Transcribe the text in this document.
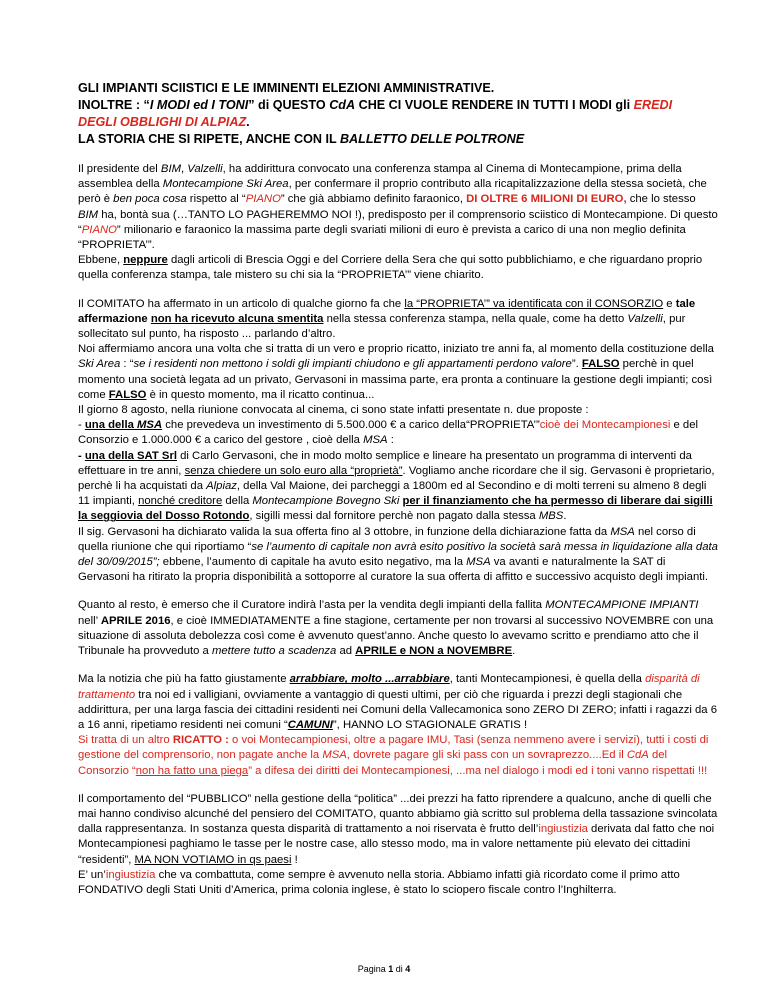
GLI IMPIANTI SCIISTICI E LE IMMINENTI ELEZIONI AMMINISTRATIVE.

INOLTRE : “I MODI ed I TONI” di QUESTO CdA CHE CI VUOLE RENDERE IN TUTTI I MODI gli EREDI

DEGLI OBBLIGHI DI ALPIAZ.

LA STORIA CHE SI RIPETE, ANCHE CON IL BALLETTO DELLE POLTRONE

Il presidente del BIM, Valzelli, ha addirittura convocato una conferenza stampa al Cinema di Montecampione, prima della assemblea della Montecampione Ski Area, per confermare il proprio contributo alla ricapitalizzazione della stessa società, che però è ben poca cosa rispetto al “PIANO” che già abbiamo definito faraonico, DI OLTRE 6 MILIONI DI EURO, che lo stesso BIM ha, bontà sua (…TANTO LO PAGHEREMMO NOI !), predisposto per il comprensorio sciistico di Montecampione. Di questo “PIANO” milionario e faraonico la massima parte degli svariati milioni di euro è prevista a carico di una non meglio definita “PROPRIETA’”.

Ebbene, neppure dagli articoli di Brescia Oggi e del Corriere della Sera che qui sotto pubblichiamo, e che riguardano proprio quella conferenza stampa, tale mistero su chi sia la “PROPRIETA’” viene chiarito.

Il COMITATO ha affermato in un articolo di qualche giorno fa che la “PROPRIETA’” va identificata con il CONSORZIO e tale affermazione non ha ricevuto alcuna smentita nella stessa conferenza stampa, nella quale, come ha detto Valzelli, pur sollecitato sul punto, ha risposto ... parlando d’altro.

Noi affermiamo ancora una volta che si tratta di un vero e proprio ricatto, iniziato tre anni fa, al momento della costituzione della Ski Area : “se i residenti non mettono i soldi gli impianti chiudono e gli appartamenti perdono valore”. FALSO perchè in quel momento una società legata ad un privato, Gervasoni in massima parte, era pronta a continuare la gestione degli impianti; così come FALSO è in questo momento, ma il ricatto continua...

Il giorno 8 agosto, nella riunione convocata al cinema, ci sono state infatti presentate n. due proposte :

- una della MSA che prevedeva un investimento di 5.500.000 € a carico della“PROPRIETA’”cioè dei Montecampionesi e del Consorzio e 1.000.000 € a carico del gestore , cioè della MSA :

- una della SAT Srl di Carlo Gervasoni, che in modo molto semplice e lineare ha presentato un programma di interventi da effettuare in tre anni, senza chiedere un solo euro alla “proprietà”. Vogliamo anche ricordare che il sig. Gervasoni è proprietario, perchè li ha acquistati da Alpiaz, della Val Maione, dei parcheggi a 1800m ed al Secondino e di molti terreni su almeno 8 degli 11 impianti, nonché creditore della Montecampione Bovegno Ski per il finanziamento che ha permesso di liberare dai sigilli la seggiovia del Dosso Rotondo, sigilli messi dal fornitore perchè non pagato dalla stessa MBS.

Il sig. Gervasoni ha dichiarato valida la sua offerta fino al 3 ottobre, in funzione della dichiarazione fatta da MSA nel corso di quella riunione che qui riportiamo “se l’aumento di capitale non avrà esito positivo la società sarà messa in liquidazione alla data del 30/09/2015”; ebbene, l’aumento di capitale ha avuto esito negativo, ma la MSA va avanti e naturalmente la SAT di Gervasoni ha ritirato la propria disponibilità a sottoporre al curatore la sua offerta di affitto e successivo acquisto degli impianti.

Quanto al resto, è emerso che il Curatore indirà l’asta per la vendita degli impianti della fallita MONTECAMPIONE IMPIANTI nell’ APRILE 2016, e cioè IMMEDIATAMENTE a fine stagione, certamente per non trovarsi al successivo NOVEMBRE con una situazione di assoluta debolezza così come è avvenuto quest’anno. Anche questo lo avevamo scritto e prendiamo atto che il Tribunale ha provveduto a mettere tutto a scadenza ad APRILE e NON a NOVEMBRE.

Ma la notizia che più ha fatto giustamente arrabbiare, molto ...arrabbiare, tanti Montecampionesi, è quella della disparità di trattamento tra noi ed i valligiani, ovviamente a vantaggio di questi ultimi, per ciò che riguarda i prezzi degli stagionali che addirittura, per una larga fascia dei cittadini residenti nei Comuni della Vallecamonica sono ZERO DI ZERO; infatti i ragazzi da 6 a 16 anni, ripetiamo residenti nei comuni “CAMUNI”, HANNO LO STAGIONALE GRATIS !

Si tratta di un altro RICATTO : o voi Montecampionesi, oltre a pagare IMU, Tasi (senza nemmeno avere i servizi), tutti i costi di gestione del comprensorio, non pagate anche la MSA, dovrete pagare gli ski pass con un sovraprezzo....Ed il CdA del Consorzio “non ha fatto una piega” a difesa dei diritti dei Montecampionesi, ...ma nel dialogo i modi ed i toni vanno rispettati !!!

Il comportamento del “PUBBLICO” nella gestione della “politica” ...dei prezzi ha fatto riprendere a qualcuno, anche di quelli che mai hanno condiviso alcunché del pensiero del COMITATO, quanto abbiamo già scritto sul problema della tassazione svincolata dalla rappresentanza. In sostanza questa disparità di trattamento a noi riservata è frutto dell’ingiustizia derivata dal fatto che noi Montecampionesi paghiamo le tasse per le nostre case, allo stesso modo, ma in valore nettamente più elevato dei cittadini “residenti”, MA NON VOTIAMO in qs paesi !

E’ un’ingiustizia che va combattuta, come sempre è avvenuto nella storia. Abbiamo infatti già ricordato come il primo atto FONDATIVO degli Stati Uniti d’America, prima colonia inglese, è stato lo sciopero fiscale contro l’Inghilterra.

Pagina 1 di 4
